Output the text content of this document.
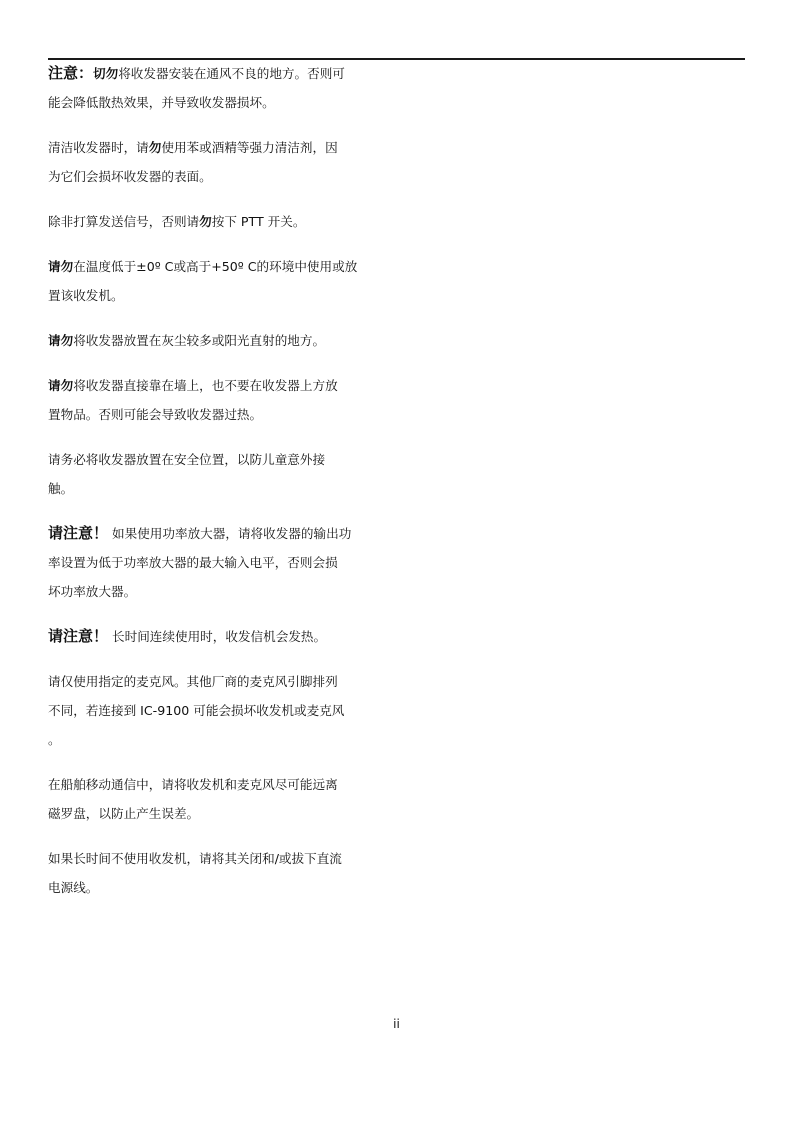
注意：切勿将收发器安装在通风不良的地方。否则可
能会降低散热效果，并导致收发器损坏。
清洁收发器时，请勿使用苯或酒精等强力清洁剂，因
为它们会损坏收发器的表面。
除非打算发送信号，否则请勿按下 PTT 开关。
请勿在温度低于±0º C或高于+50º C的环境中使用或放
置该收发机。
请勿将收发器放置在灰尘较多或阳光直射的地方。
请勿将收发器直接靠在墙上，也不要在收发器上方放
置物品。否则可能会导致收发器过热。
请务必将收发器放置在安全位置，以防儿童意外接
触。
请注意！ 如果使用功率放大器，请将收发器的输出功
率设置为低于功率放大器的最大输入电平，否则会损
坏功率放大器。
请注意！ 长时间连续使用时，收发信机会发热。
请仅使用指定的麦克风。其他厂商的麦克风引脚排列
不同，若连接到 IC-9100 可能会损坏收发机或麦克风
。
在船舶移动通信中，请将收发机和麦克风尽可能远离
磁罗盘，以防止产生误差。
如果长时间不使用收发机，请将其关闭和/或拔下直流
电源线。
ii
